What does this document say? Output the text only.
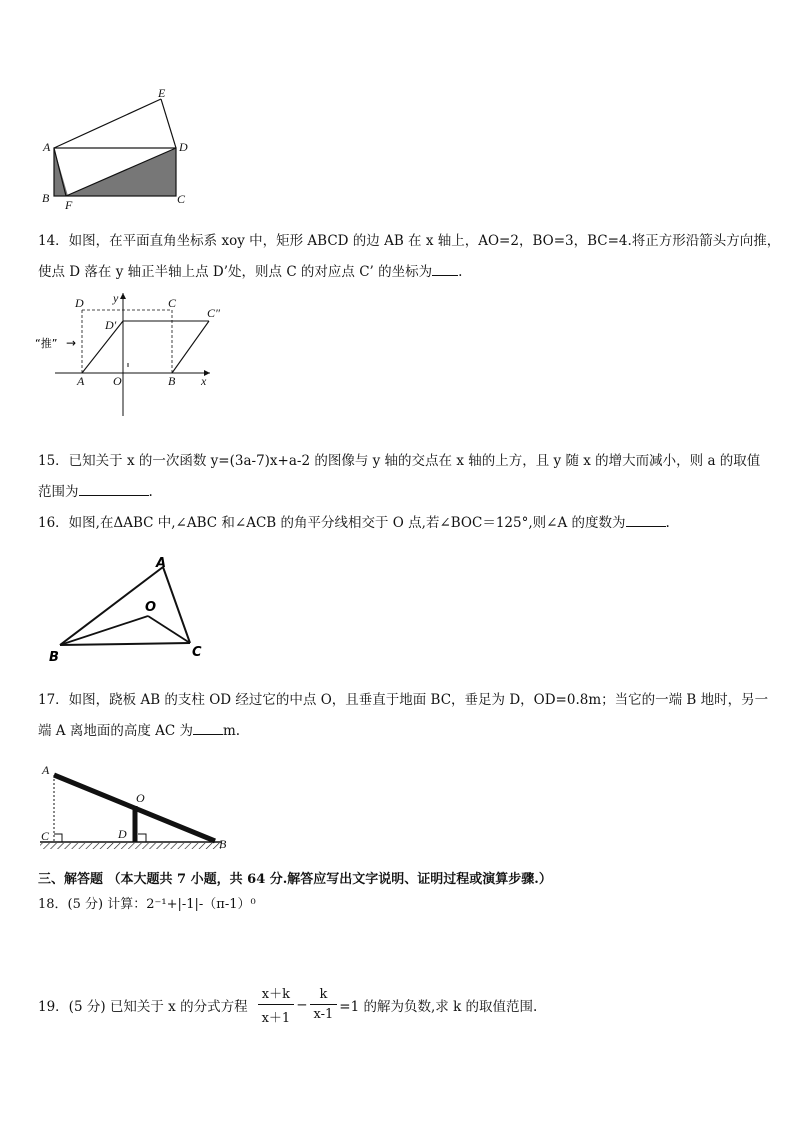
E
A	D
B F	C
14．如图，在平面直角坐标系 xoy 中，矩形 ABCD 的边 AB 在 x 轴上，AO=2，BO=3，BC=4.将正方形沿箭头方向推，
使点 D 落在 y 轴正半轴上点 D’处，则点 C 的对应点 C’ 的坐标为 .
D	C
y
D′
C″
“推” →
A O	B x
15．已知关于 x 的一次函数 y=(3a-7)x+a-2 的图像与 y 轴的交点在 x 轴的上方，且 y 随 x 的增大而减小，则 a 的取值
范围为	.
16．如图,在ΔABC 中,∠ABC 和∠ACB 的角平分线相交于 O 点,若∠BOC＝125°,则∠A 的度数为	.
A
O
B	C
17．如图，跷板 AB 的支柱 OD 经过它的中点 O，且垂直于地面 BC，垂足为 D，OD=0.8m；当它的一端 B 地时，另一
端 A 离地面的高度 AC 为 m.
A
O
C	D
B
三、解答题 （本大题共 7 小题，共 64 分.解答应写出文字说明、证明过程或演算步骤.）
18．(5 分) 计算：2⁻¹+|-1|-（π-1）⁰
19．(5 分) 已知关于 x 的分式方程 $\frac{x+k}{x+1} - \frac{k}{x-1} =1$ 的解为负数,求 k 的取值范围.
